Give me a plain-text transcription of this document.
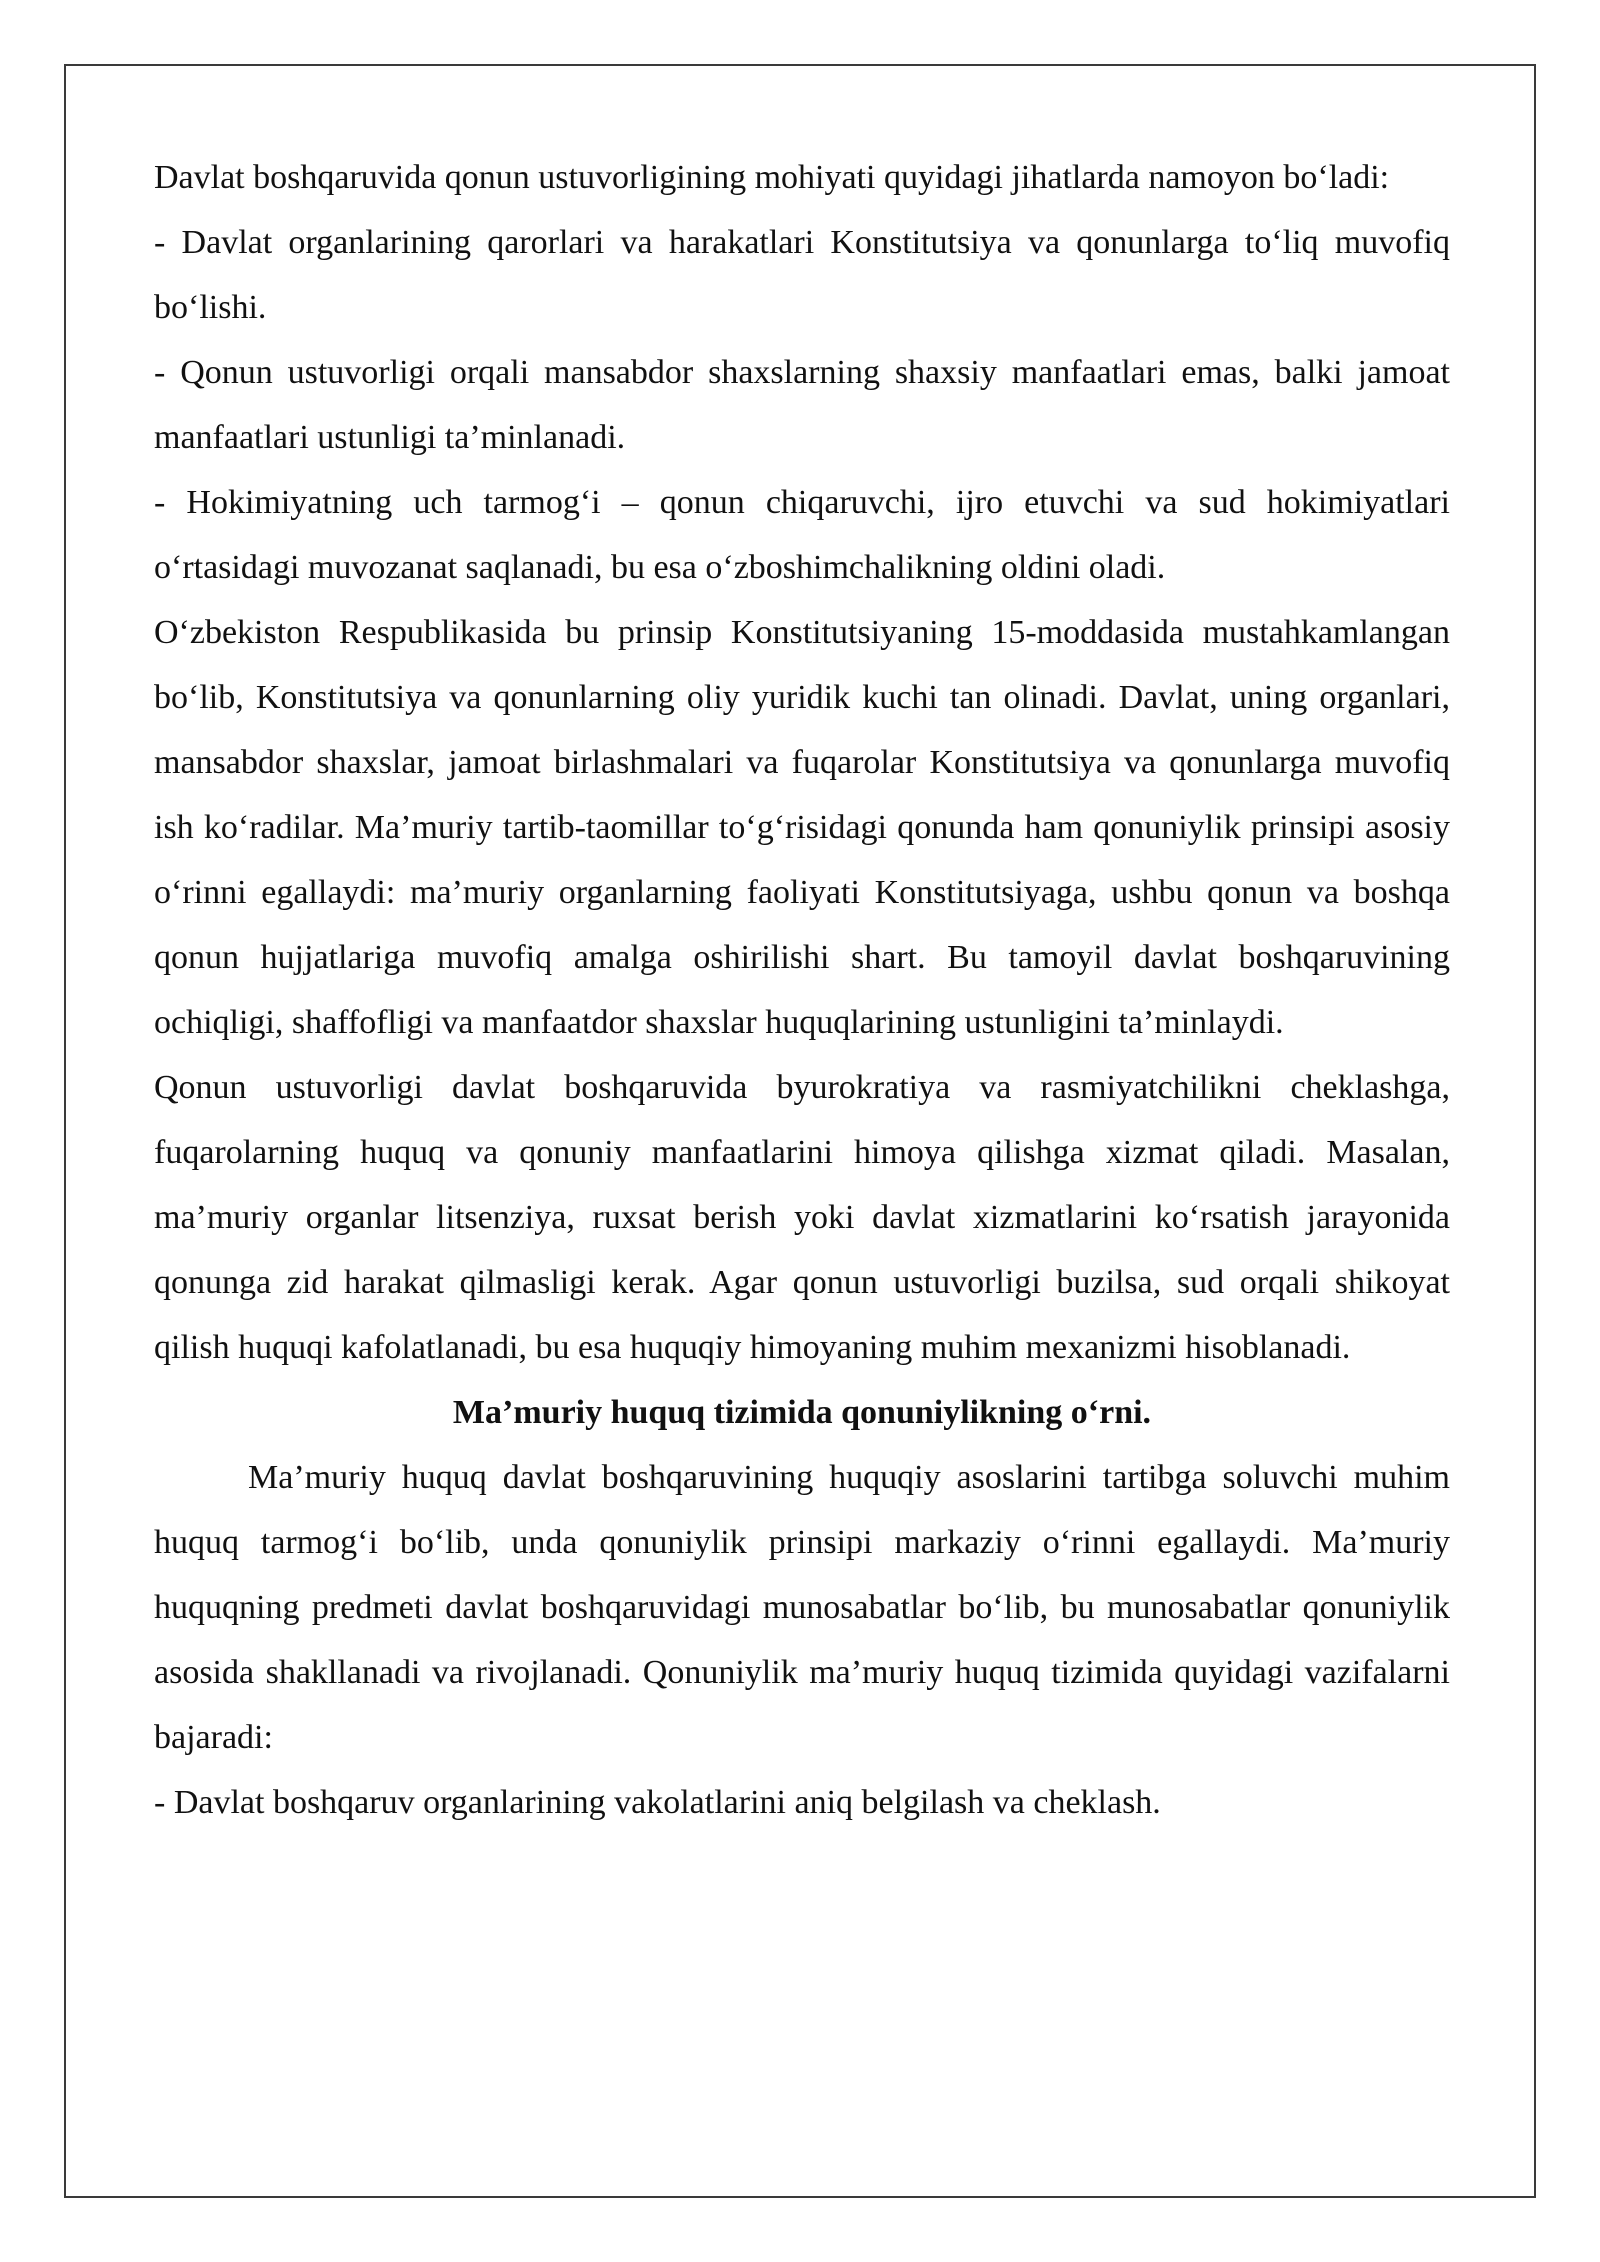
Davlat boshqaruvida qonun ustuvorligining mohiyati quyidagi jihatlarda namoyon bo‘ladi:

- Davlat organlarining qarorlari va harakatlari Konstitutsiya va qonunlarga to‘liq muvofiq bo‘lishi.

- Qonun ustuvorligi orqali mansabdor shaxslarning shaxsiy manfaatlari emas, balki jamoat manfaatlari ustunligi ta’minlanadi.

- Hokimiyatning uch tarmog‘i – qonun chiqaruvchi, ijro etuvchi va sud hokimiyatlari o‘rtasidagi muvozanat saqlanadi, bu esa o‘zboshimchalikning oldini oladi.

O‘zbekiston Respublikasida bu prinsip Konstitutsiyaning 15-moddasida mustahkamlangan bo‘lib, Konstitutsiya va qonunlarning oliy yuridik kuchi tan olinadi. Davlat, uning organlari, mansabdor shaxslar, jamoat birlashmalari va fuqarolar Konstitutsiya va qonunlarga muvofiq ish ko‘radilar. Ma’muriy tartib-taomillar to‘g‘risidagi qonunda ham qonuniylik prinsipi asosiy o‘rinni egallaydi: ma’muriy organlarning faoliyati Konstitutsiyaga, ushbu qonun va boshqa qonun hujjatlariga muvofiq amalga oshirilishi shart. Bu tamoyil davlat boshqaruvining ochiqligi, shaffofligi va manfaatdor shaxslar huquqlarining ustunligini ta’minlaydi.

Qonun ustuvorligi davlat boshqaruvida byurokratiya va rasmiyatchilikni cheklashga, fuqarolarning huquq va qonuniy manfaatlarini himoya qilishga xizmat qiladi. Masalan, ma’muriy organlar litsenziya, ruxsat berish yoki davlat xizmatlarini ko‘rsatish jarayonida qonunga zid harakat qilmasligi kerak. Agar qonun ustuvorligi buzilsa, sud orqali shikoyat qilish huquqi kafolatlanadi, bu esa huquqiy himoyaning muhim mexanizmi hisoblanadi.

Ma’muriy huquq tizimida qonuniylikning o‘rni.

Ma’muriy huquq davlat boshqaruvining huquqiy asoslarini tartibga soluvchi muhim huquq tarmog‘i bo‘lib, unda qonuniylik prinsipi markaziy o‘rinni egallaydi. Ma’muriy huquqning predmeti davlat boshqaruvidagi munosabatlar bo‘lib, bu munosabatlar qonuniylik asosida shakllanadi va rivojlanadi. Qonuniylik ma’muriy huquq tizimida quyidagi vazifalarni bajaradi:

- Davlat boshqaruv organlarining vakolatlarini aniq belgilash va cheklash.
